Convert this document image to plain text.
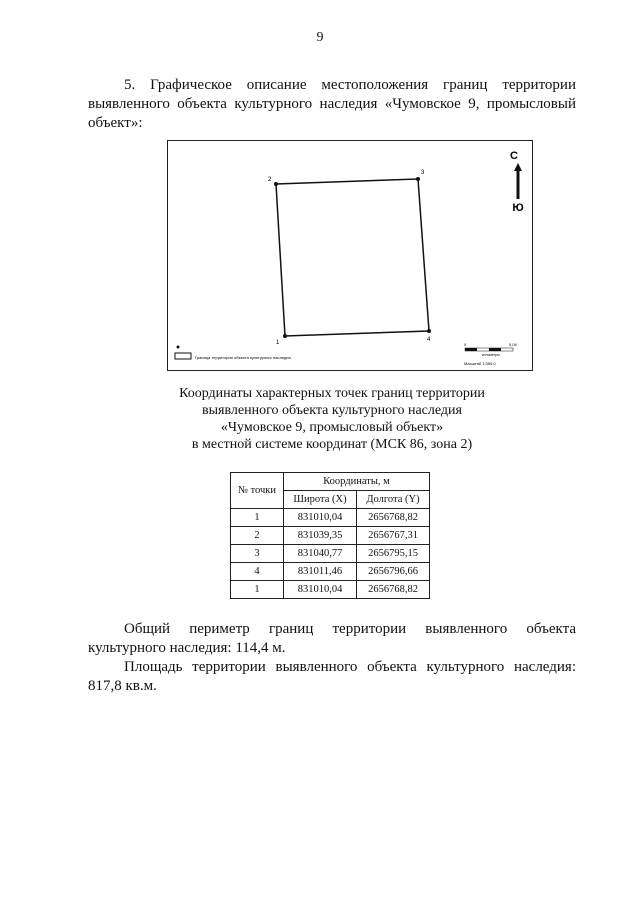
9
5. Графическое описание местоположения границ территории выявленного объекта культурного наследия «Чумовское 9, промысловый объект»:
2
3
4
1
С
Ю
Граница территории объекта культурного наследия
0	0,04
километры
Масштаб 1:350,0
Координаты характерных точек границ территории
выявленного объекта культурного наследия
«Чумовское 9, промысловый объект»
в местной системе координат (МСК 86, зона 2)
№ точки	Координаты, м	
	Широта (X)	Долгота (Y)
1	831010,04	2656768,82
2	831039,35	2656767,31
3	831040,77	2656795,15
4	831011,46	2656796,66
1	831010,04	2656768,82
Общий периметр границ территории выявленного объекта
культурного наследия: 114,4 м.
Площадь территории выявленного объекта культурного наследия:
817,8 кв.м.
